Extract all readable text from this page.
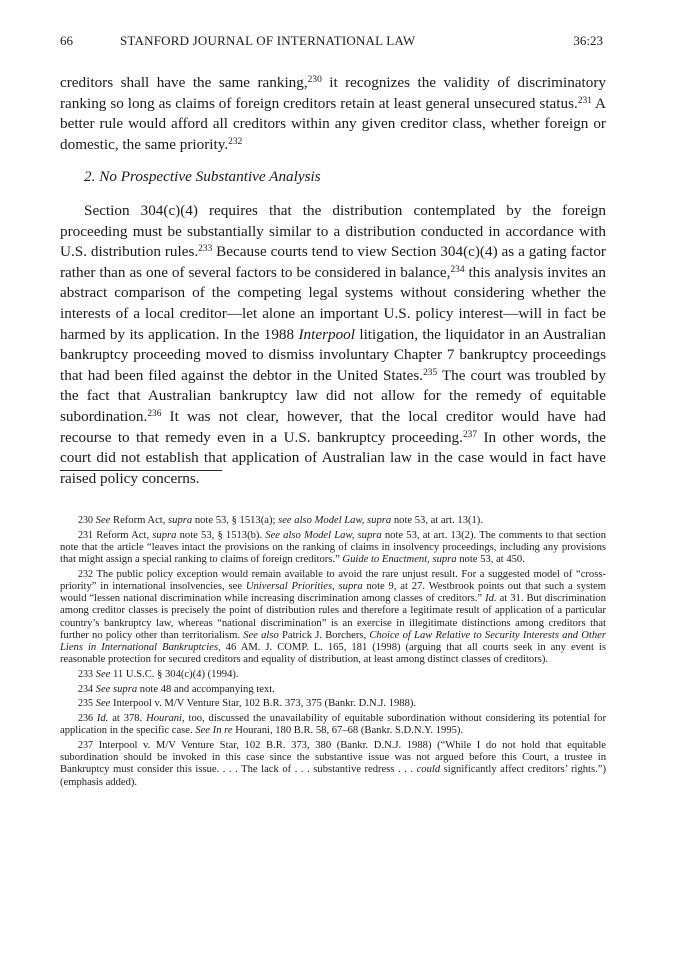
66	STANFORD JOURNAL OF INTERNATIONAL LAW	36:23

creditors shall have the same ranking,$^{230}$ it recognizes the validity of discriminatory ranking so long as claims of foreign creditors retain at least general unsecured status.$^{231}$ A better rule would afford all creditors within any given creditor class, whether foreign or domestic, the same priority.$^{232}$

2. No Prospective Substantive Analysis

Section 304(c)(4) requires that the distribution contemplated by the foreign proceeding must be substantially similar to a distribution conducted in accordance with U.S. distribution rules.$^{233}$ Because courts tend to view Section 304(c)(4) as a gating factor rather than as one of several factors to be considered in balance,$^{234}$ this analysis invites an abstract comparison of the competing legal systems without considering whether the interests of a local creditor—let alone an important U.S. policy interest—will in fact be harmed by its application. In the 1988 Interpool litigation, the liquidator in an Australian bankruptcy proceeding moved to dismiss involuntary Chapter 7 bankruptcy proceedings that had been filed against the debtor in the United States.$^{235}$ The court was troubled by the fact that Australian bankruptcy law did not allow for the remedy of equitable subordination.$^{236}$ It was not clear, however, that the local creditor would have had recourse to that remedy even in a U.S. bankruptcy proceeding.$^{237}$ In other words, the court did not establish that application of Australian law in the case would in fact have raised policy concerns.

230 See Reform Act, supra note 53, § 1513(a); see also Model Law, supra note 53, at art. 13(1).

231 Reform Act, supra note 53, § 1513(b). See also Model Law, supra note 53, at art. 13(2). The comments to that section note that the article “leaves intact the provisions on the ranking of claims in insolvency proceedings, including any provisions that might assign a special ranking to claims of foreign creditors.” Guide to Enactment, supra note 53, at 450.

232 The public policy exception would remain available to avoid the rare unjust result. For a suggested model of “cross-priority” in international insolvencies, see Universal Priorities, supra note 9, at 27. Westbrook points out that such a system would “lessen national discrimination while increasing discrimination among classes of creditors.” Id. at 31. But discrimination among creditor classes is precisely the point of distribution rules and therefore a legitimate result of application of a particular country’s bankruptcy law, whereas “national discrimination” is an exercise in illegitimate distinctions among creditors that further no policy other than territorialism. See also Patrick J. Borchers, Choice of Law Relative to Security Interests and Other Liens in International Bankruptcies, 46 AM. J. COMP. L. 165, 181 (1998) (arguing that all courts seek in any event is reasonable protection for secured creditors and equality of distribution, at least among distinct classes of creditors).

233 See 11 U.S.C. § 304(c)(4) (1994).

234 See supra note 48 and accompanying text.

235 See Interpool v. M/V Venture Star, 102 B.R. 373, 375 (Bankr. D.N.J. 1988).

236 Id. at 378. Hourani, too, discussed the unavailability of equitable subordination without considering its potential for application in the specific case. See In re Hourani, 180 B.R. 58, 67–68 (Bankr. S.D.N.Y. 1995).

237 Interpool v. M/V Venture Star, 102 B.R. 373, 380 (Bankr. D.N.J. 1988) (“While I do not hold that equitable subordination should be invoked in this case since the substantive issue was not argued before this Court, a trustee in Bankruptcy must consider this issue. . . . The lack of . . . substantive redress . . . could significantly affect creditors’ rights.”) (emphasis added).
